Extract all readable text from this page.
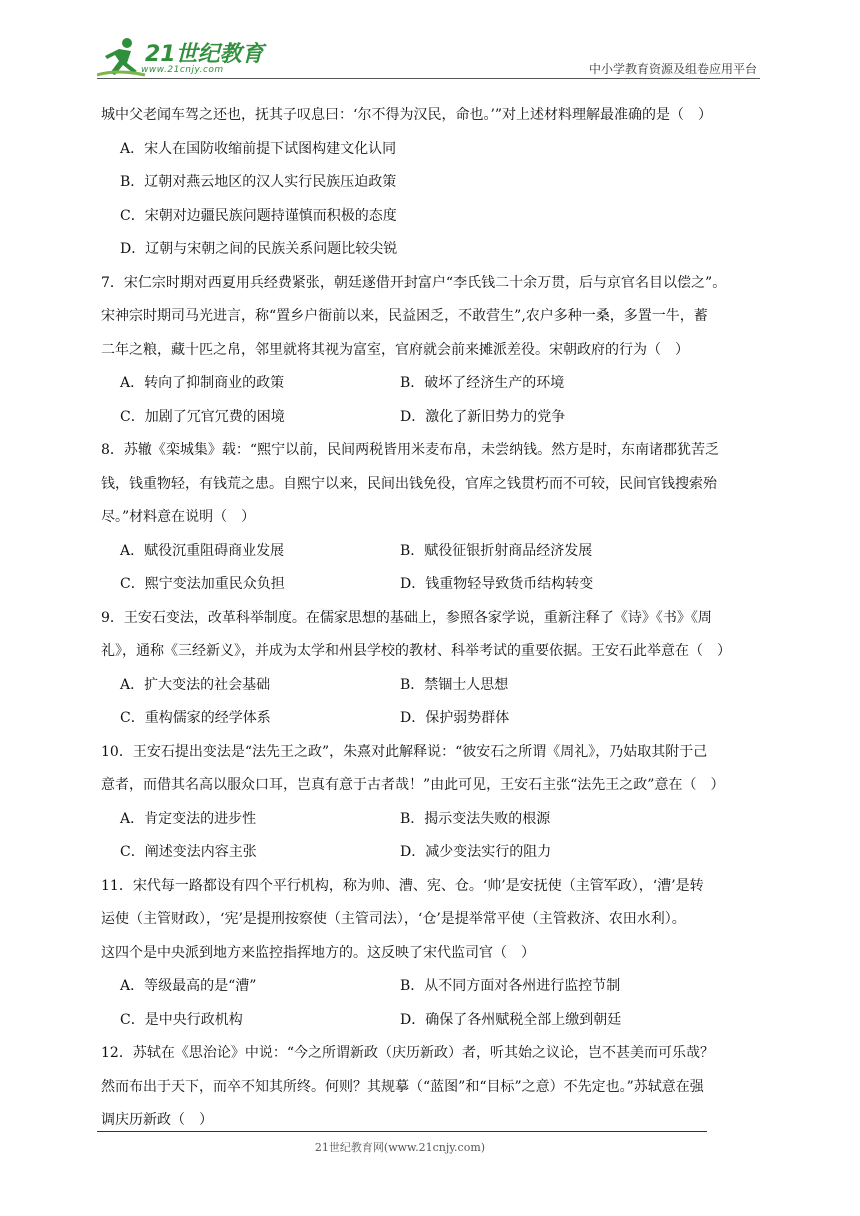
21世纪教育
www.21cnjy.com	中小学教育资源及组卷应用平台
城中父老闻车驾之还也，抚其子叹息曰：‘尔不得为汉民，命也。’”对上述材料理解最准确的是（　）
A．宋人在国防收缩前提下试图构建文化认同
B．辽朝对燕云地区的汉人实行民族压迫政策
C．宋朝对边疆民族问题持谨慎而积极的态度
D．辽朝与宋朝之间的民族关系问题比较尖锐
7．宋仁宗时期对西夏用兵经费紧张，朝廷遂借开封富户“李氏钱二十余万贯，后与京官名目以偿之”。
宋神宗时期司马光进言，称“置乡户衙前以来，民益困乏，不敢营生”,农户多种一桑，多置一牛，蓄
二年之粮，藏十匹之帛，邻里就将其视为富室，官府就会前来摊派差役。宋朝政府的行为（　）
A．转向了抑制商业的政策	B．破坏了经济生产的环境
C．加剧了冗官冗费的困境	D．激化了新旧势力的党争
8．苏辙《栾城集》载：“熙宁以前，民间两税皆用米麦布帛，未尝纳钱。然方是时，东南诸郡犹苦乏
钱，钱重物轻，有钱荒之患。自熙宁以来，民间出钱免役，官库之钱贯朽而不可较，民间官钱搜索殆
尽。”材料意在说明（　）
A．赋役沉重阻碍商业发展	B．赋役征银折射商品经济发展
C．熙宁变法加重民众负担	D．钱重物轻导致货币结构转变
9．王安石变法，改革科举制度。在儒家思想的基础上，参照各家学说，重新注释了《诗》《书》《周
礼》，通称《三经新义》，并成为太学和州县学校的教材、科举考试的重要依据。王安石此举意在（　）
A．扩大变法的社会基础	B．禁锢士人思想
C．重构儒家的经学体系	D．保护弱势群体
10．王安石提出变法是“法先王之政”，朱熹对此解释说：“彼安石之所谓《周礼》，乃姑取其附于己
意者，而借其名高以服众口耳，岂真有意于古者哉！”由此可见，王安石主张“法先王之政”意在（　）
A．肯定变法的进步性	B．揭示变法失败的根源
C．阐述变法内容主张	D．减少变法实行的阻力
11．宋代每一路都设有四个平行机构，称为帅、漕、宪、仓。‘帅’是安抚使（主管军政），‘漕’是转
运使（主管财政），‘宪’是提刑按察使（主管司法），‘仓’是提举常平使（主管救济、农田水利）。
这四个是中央派到地方来监控指挥地方的。这反映了宋代监司官（　）
A．等级最高的是“漕”	B．从不同方面对各州进行监控节制
C．是中央行政机构	D．确保了各州赋税全部上缴到朝廷
12．苏轼在《思治论》中说：“今之所谓新政（庆历新政）者，听其始之议论，岂不甚美而可乐哉？
然而布出于天下，而卒不知其所终。何则？其规摹（“蓝图”和“目标”之意）不先定也。”苏轼意在强
调庆历新政（　）
21世纪教育网(www.21cnjy.com)
